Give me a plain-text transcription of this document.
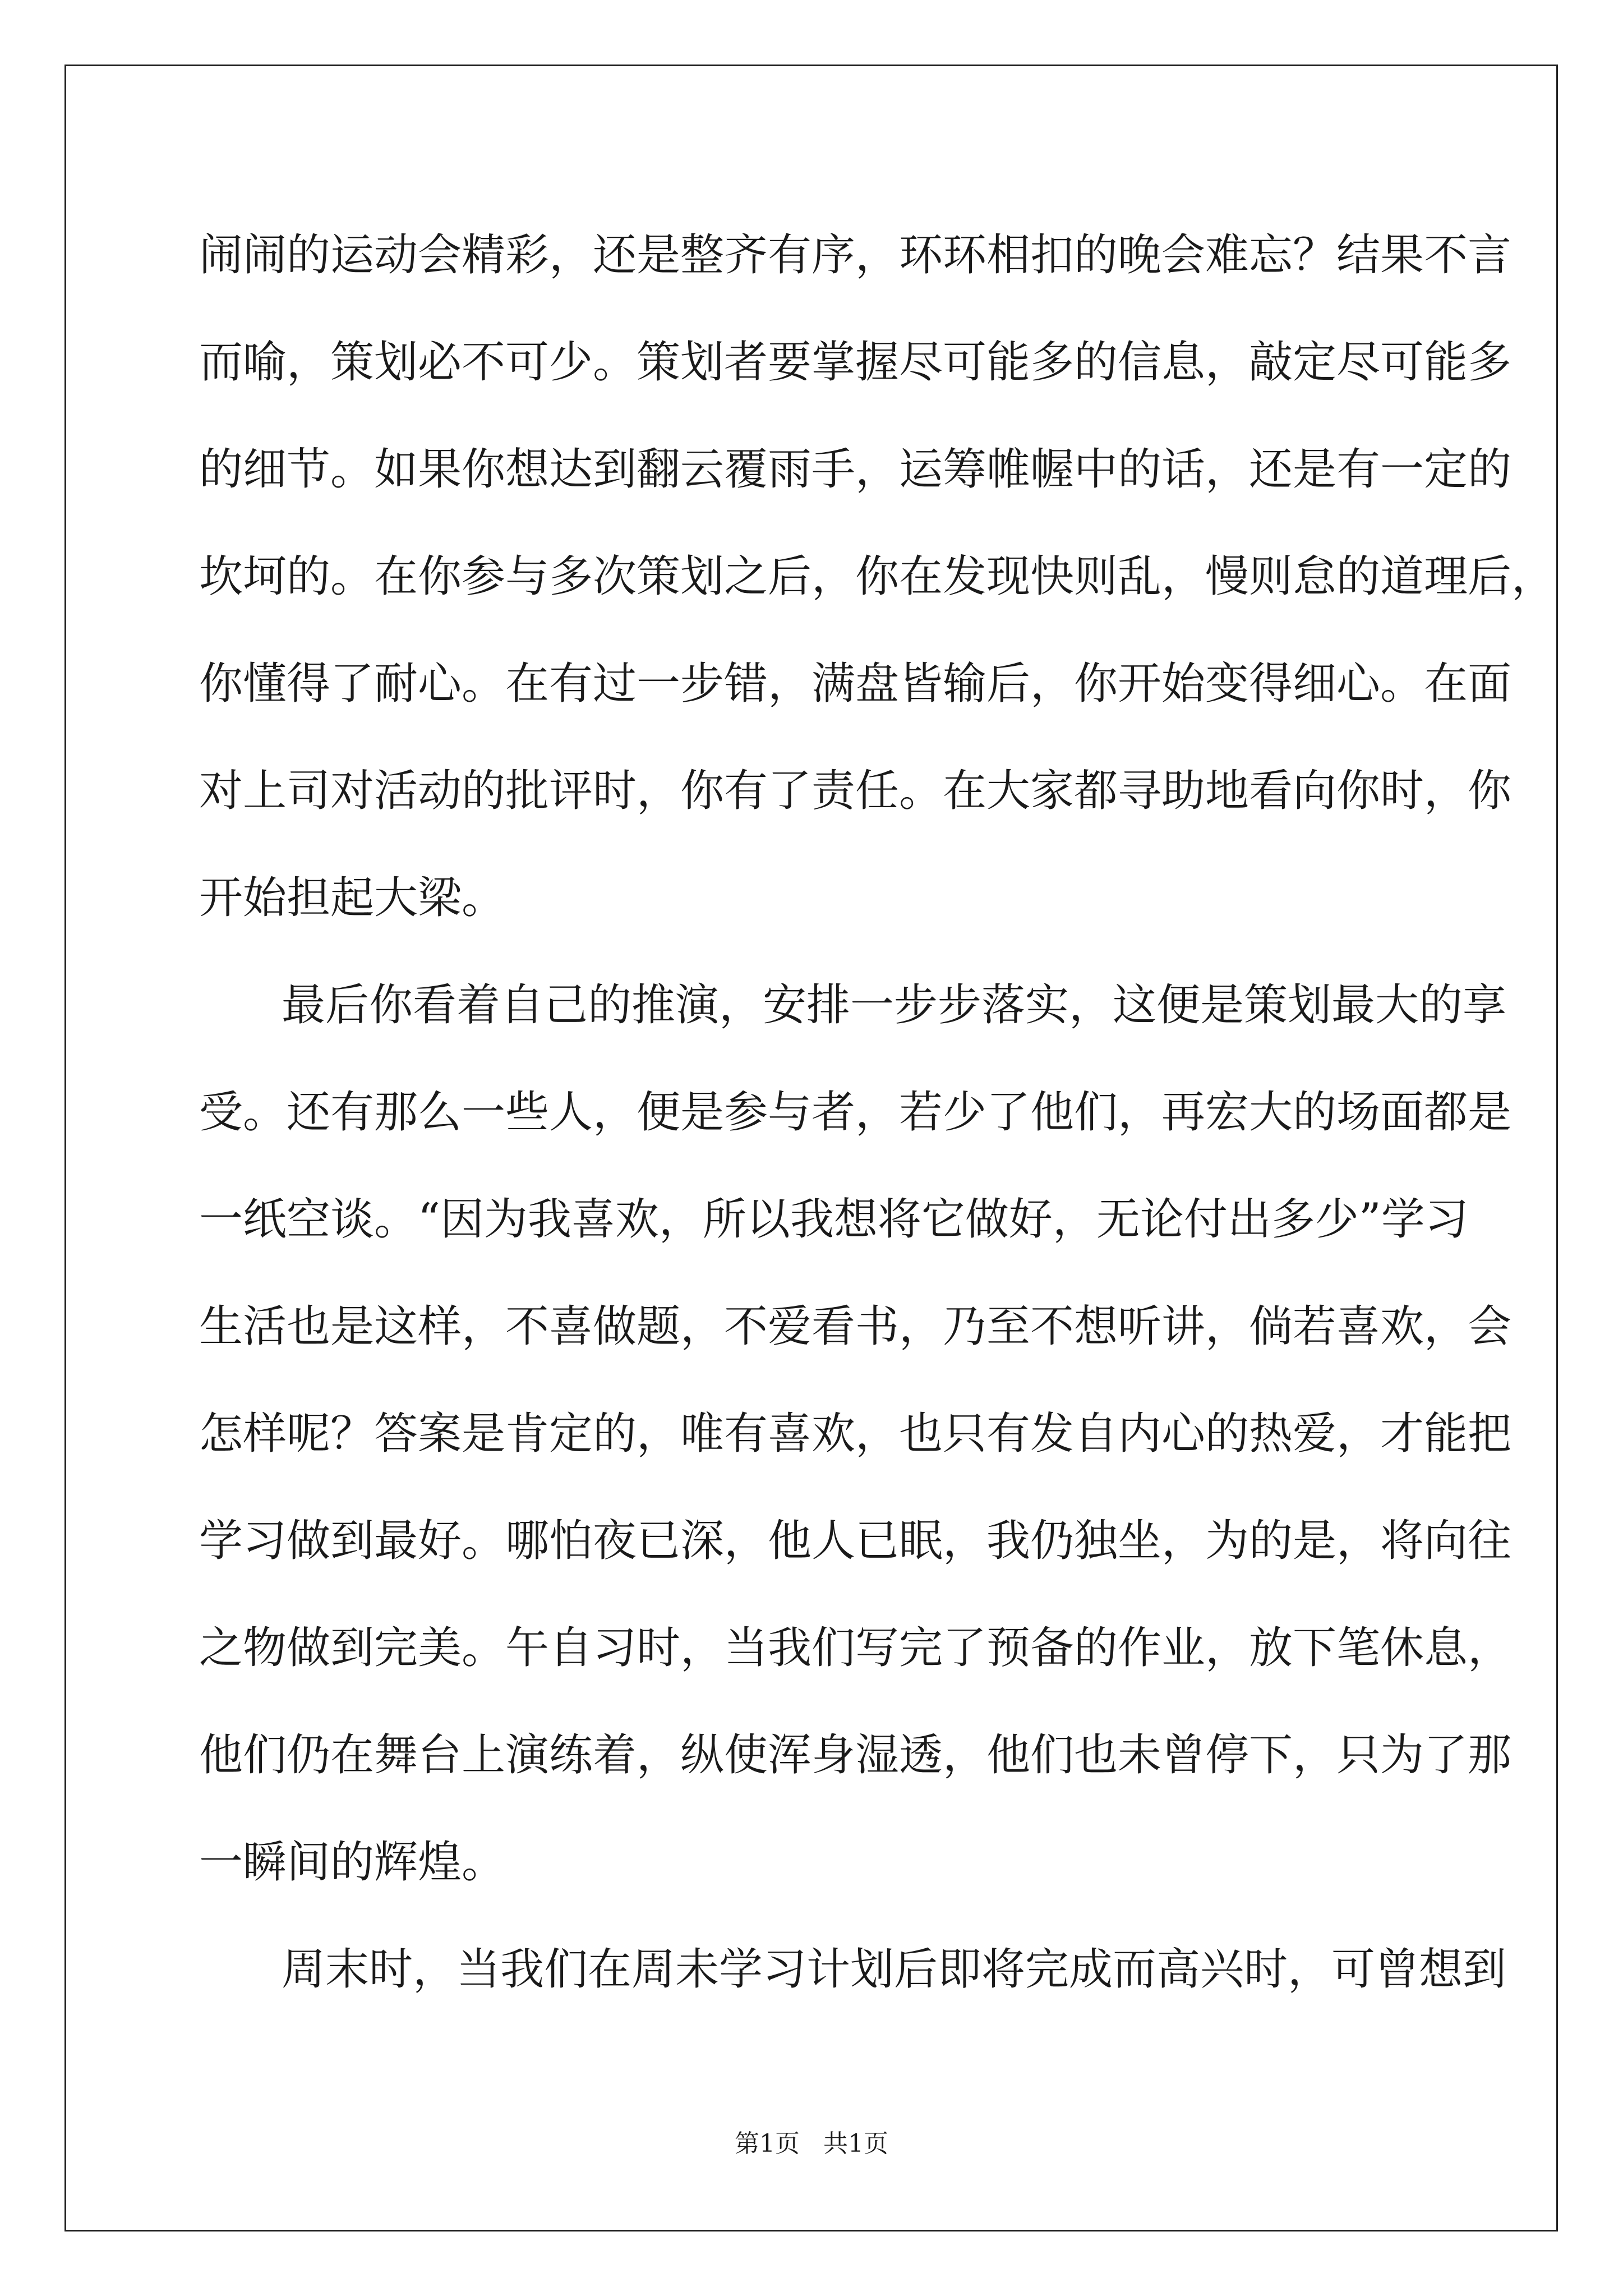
闹闹的运动会精彩，还是整齐有序，环环相扣的晚会难忘？结果不言
而喻，策划必不可少。策划者要掌握尽可能多的信息，敲定尽可能多
的细节。如果你想达到翻云覆雨手，运筹帷幄中的话，还是有一定的
坎坷的。在你参与多次策划之后，你在发现快则乱，慢则怠的道理后，
你懂得了耐心。在有过一步错，满盘皆输后，你开始变得细心。在面
对上司对活动的批评时，你有了责任。在大家都寻助地看向你时，你
开始担起大梁。
最后你看着自己的推演，安排一步步落实，这便是策划最大的享
受。还有那么一些人，便是参与者，若少了他们，再宏大的场面都是
一纸空谈。“因为我喜欢，所以我想将它做好，无论付出多少”学习
生活也是这样，不喜做题，不爱看书，乃至不想听讲，倘若喜欢，会
怎样呢？答案是肯定的，唯有喜欢，也只有发自内心的热爱，才能把
学习做到最好。哪怕夜已深，他人已眠，我仍独坐，为的是，将向往
之物做到完美。午自习时，当我们写完了预备的作业，放下笔休息，
他们仍在舞台上演练着，纵使浑身湿透，他们也未曾停下，只为了那
一瞬间的辉煌。
周末时，当我们在周未学习计划后即将完成而高兴时，可曾想到
第1页 共1页
